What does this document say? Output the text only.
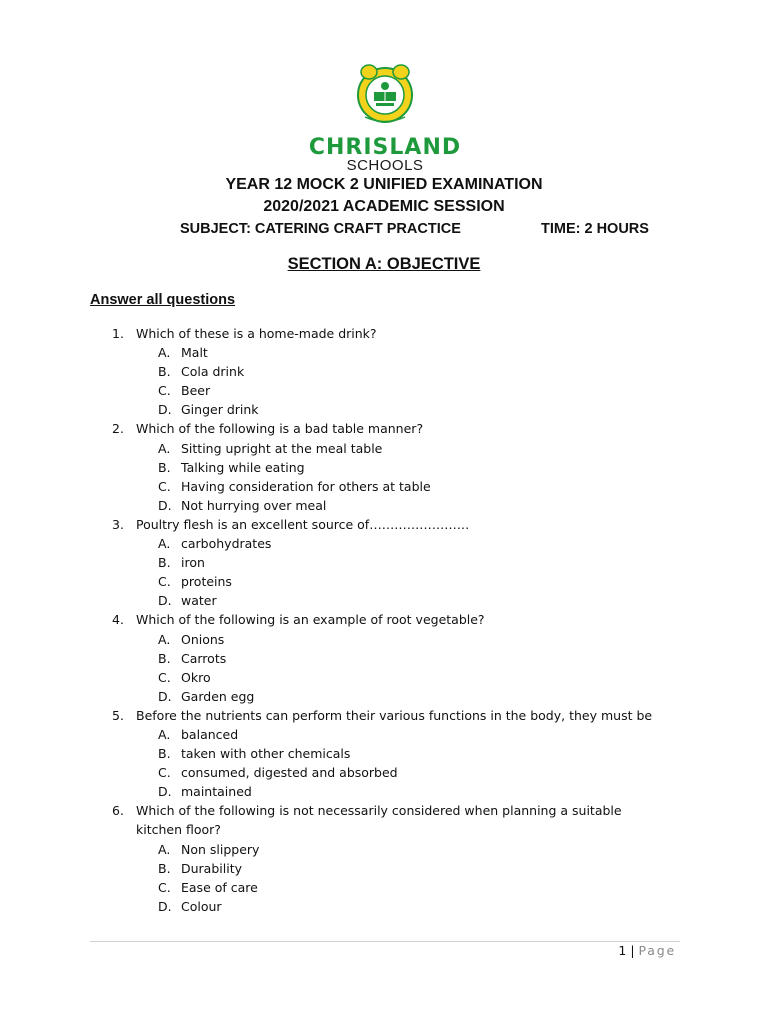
CHRISLAND
SCHOOLS
YEAR 12 MOCK 2 UNIFIED EXAMINATION
2020/2021 ACADEMIC SESSION
SUBJECT: CATERING CRAFT PRACTICE	TIME: 2 HOURS
SECTION A: OBJECTIVE
Answer all questions
1. Which of these is a home-made drink?
A. Malt
B. Cola drink
C. Beer
D. Ginger drink
2. Which of the following is a bad table manner?
A. Sitting upright at the meal table
B. Talking while eating
C. Having consideration for others at table
D. Not hurrying over meal
3. Poultry flesh is an excellent source of……………………
A. carbohydrates
B. iron
C. proteins
D. water
4. Which of the following is an example of root vegetable?
A. Onions
B. Carrots
C. Okro
D. Garden egg
5. Before the nutrients can perform their various functions in the body, they must be
A. balanced
B. taken with other chemicals
C. consumed, digested and absorbed
D. maintained
6. Which of the following is not necessarily considered when planning a suitable
kitchen floor?
A. Non slippery
B. Durability
C. Ease of care
D. Colour
1 | Page
